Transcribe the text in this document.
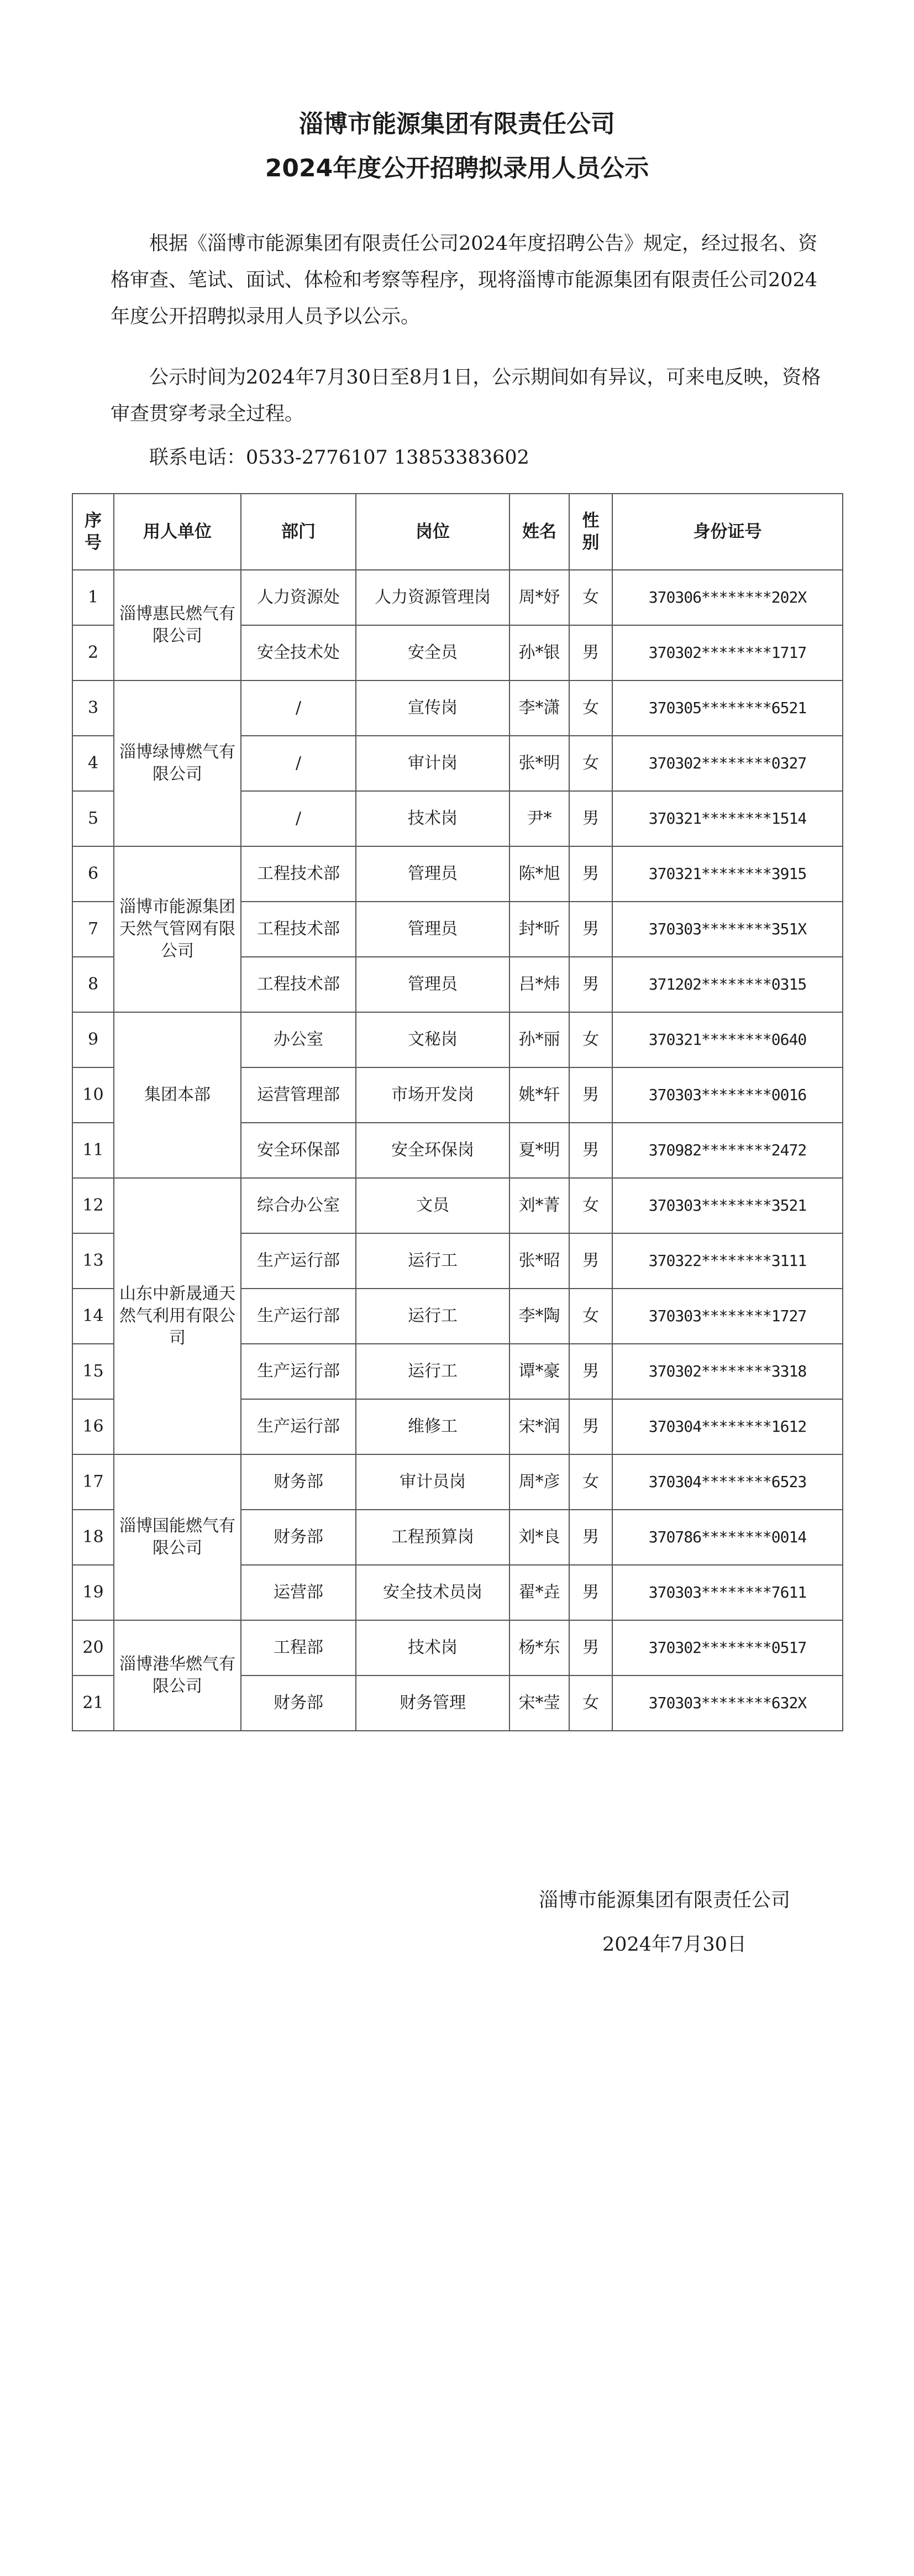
淄博市能源集团有限责任公司
2024年度公开招聘拟录用人员公示

根据《淄博市能源集团有限责任公司2024年度招聘公告》规定，经过报名、资格审查、笔试、面试、体检和考察等程序，现将淄博市能源集团有限责任公司2024年度公开招聘拟录用人员予以公示。

公示时间为2024年7月30日至8月1日，公示期间如有异议，可来电反映，资格审查贯穿考录全过程。

联系电话：0533-2776107 13853383602

序号	用人单位	部门	岗位	姓名	性别	身份证号
1	淄博惠民燃气有限公司	人力资源处	人力资源管理岗	周*妤	女	370306********202X
2		安全技术处	安全员	孙*银	男	370302********1717
3	淄博绿博燃气有限公司	/	宣传岗	李*潇	女	370305********6521
4		/	审计岗	张*明	女	370302********0327
5		/	技术岗	尹*	男	370321********1514
6	淄博市能源集团天然气管网有限公司	工程技术部	管理员	陈*旭	男	370321********3915
7		工程技术部	管理员	封*昕	男	370303********351X
8		工程技术部	管理员	吕*炜	男	371202********0315
9	集团本部	办公室	文秘岗	孙*丽	女	370321********0640
10		运营管理部	市场开发岗	姚*轩	男	370303********0016
11		安全环保部	安全环保岗	夏*明	男	370982********2472
12	山东中新晟通天然气利用有限公司	综合办公室	文员	刘*菁	女	370303********3521
13		生产运行部	运行工	张*昭	男	370322********3111
14		生产运行部	运行工	李*陶	女	370303********1727
15		生产运行部	运行工	谭*豪	男	370302********3318
16		生产运行部	维修工	宋*润	男	370304********1612
17	淄博国能燃气有限公司	财务部	审计员岗	周*彦	女	370304********6523
18		财务部	工程预算岗	刘*良	男	370786********0014
19		运营部	安全技术员岗	翟*垚	男	370303********7611
20	淄博港华燃气有限公司	工程部	技术岗	杨*东	男	370302********0517
21		财务部	财务管理	宋*莹	女	370303********632X
淄博市能源集团有限责任公司
2024年7月30日
